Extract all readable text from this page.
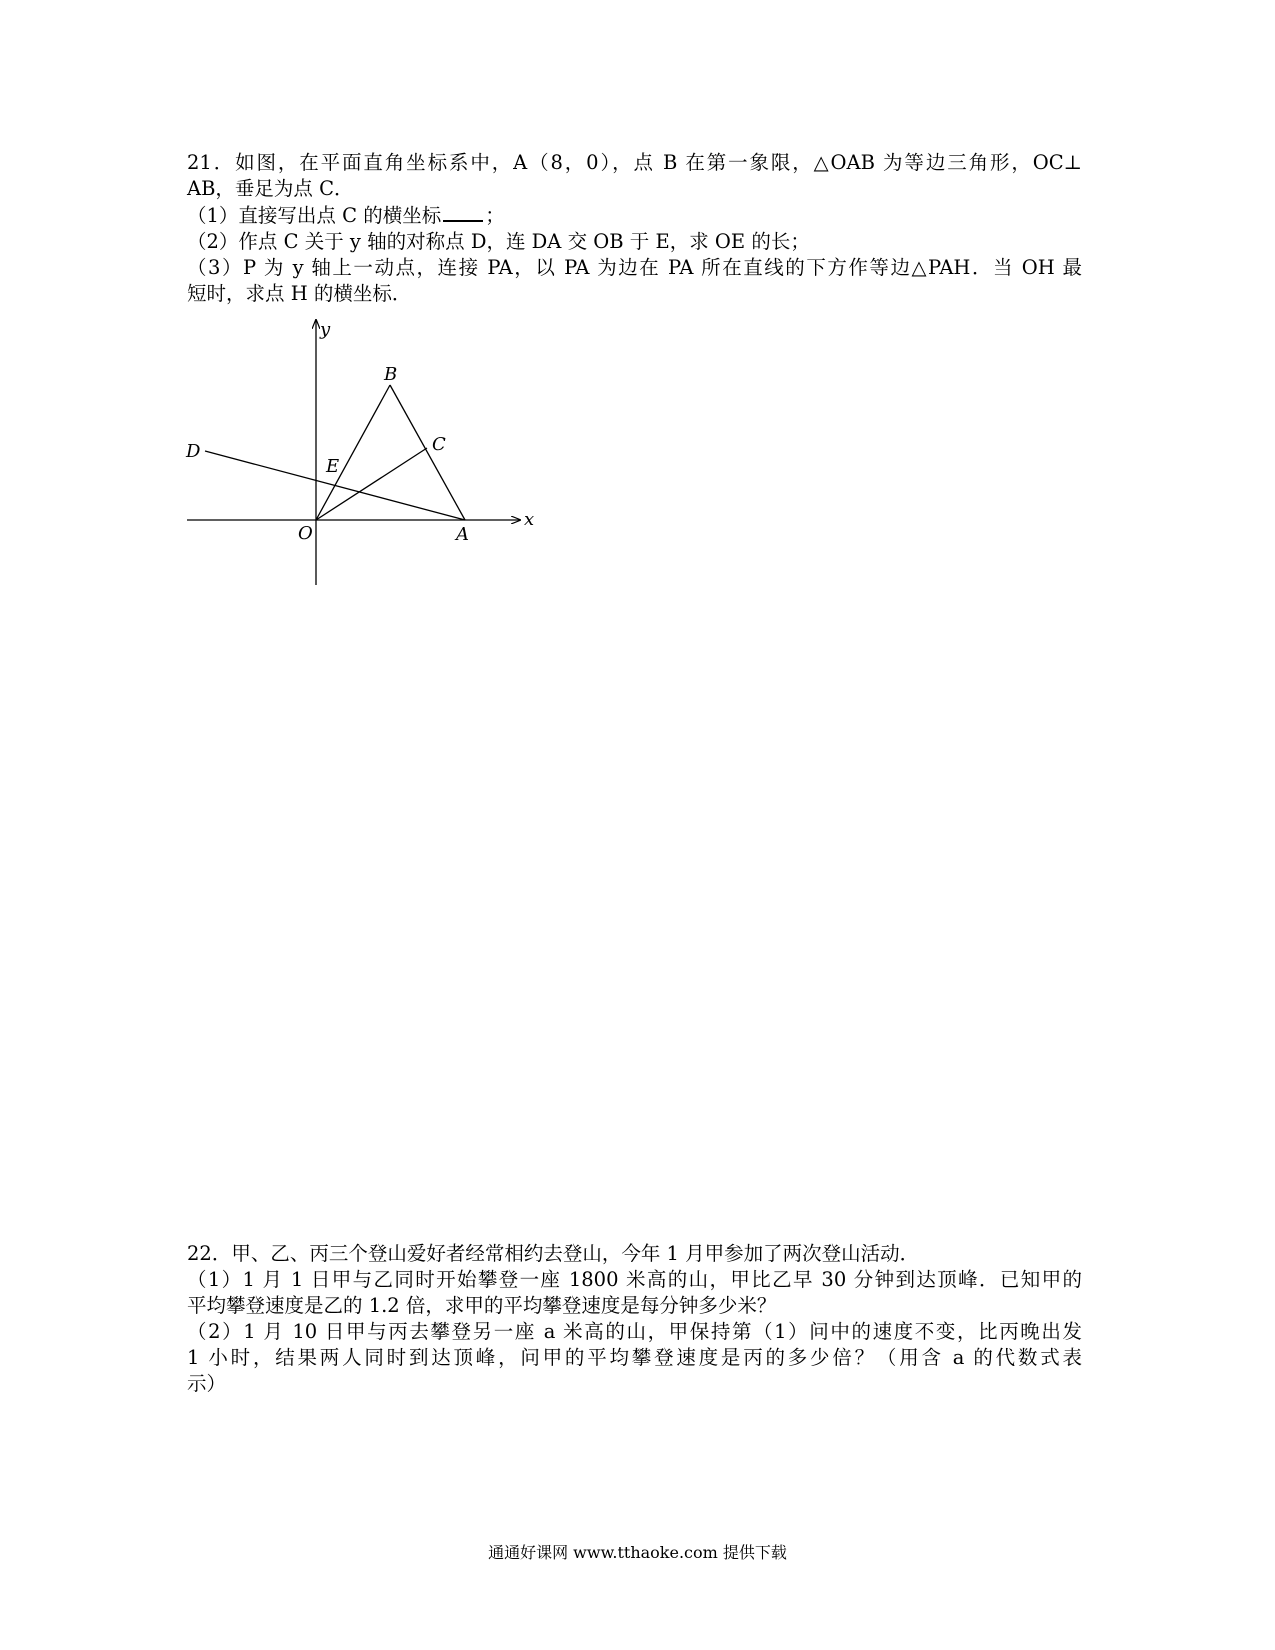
21．如图，在平面直角坐标系中，A（8，0），点 B 在第一象限，△OAB 为等边三角形，OC⊥
AB，垂足为点 C．
（1）直接写出点 C 的横坐标 ；
（2）作点 C 关于 y 轴的对称点 D，连 DA 交 OB 于 E，求 OE 的长；
（3）P 为 y 轴上一动点，连接 PA，以 PA 为边在 PA 所在直线的下方作等边△PAH．当 OH 最
短时，求点 H 的横坐标．
y
x
B
C
D
E
O	A
22．甲、乙、丙三个登山爱好者经常相约去登山，今年 1 月甲参加了两次登山活动．
（1）1 月 1 日甲与乙同时开始攀登一座 1800 米高的山，甲比乙早 30 分钟到达顶峰．已知甲的
平均攀登速度是乙的 1.2 倍，求甲的平均攀登速度是每分钟多少米？
（2）1 月 10 日甲与丙去攀登另一座 a 米高的山，甲保持第（1）问中的速度不变，比丙晚出发
1 小时，结果两人同时到达顶峰，问甲的平均攀登速度是丙的多少倍？（用含 a 的代数式表
示）
通通好课网 www.tthaoke.com 提供下载
